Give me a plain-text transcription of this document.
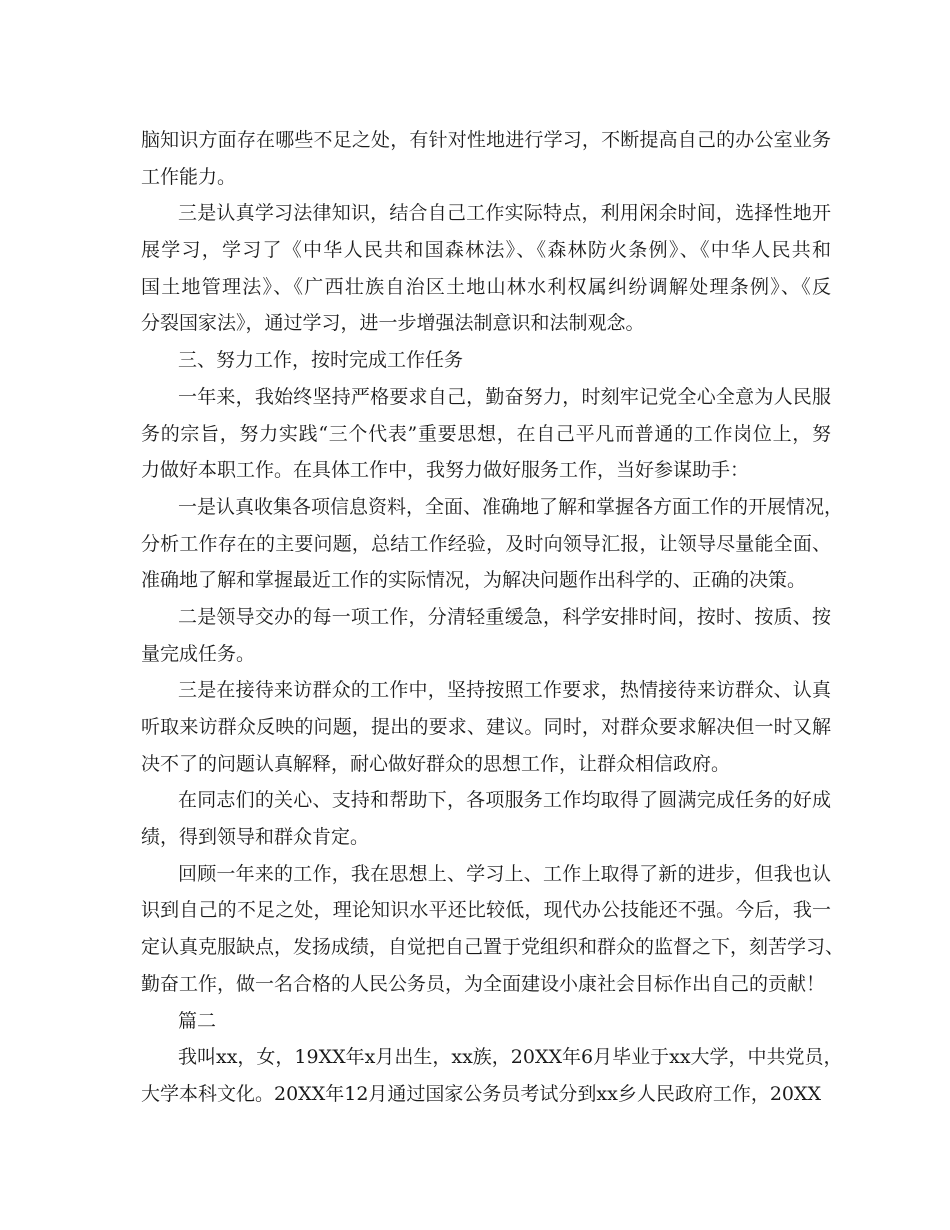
脑知识方面存在哪些不足之处，有针对性地进行学习，不断提高自己的办公室业务
工作能力。
三是认真学习法律知识，结合自己工作实际特点，利用闲余时间，选择性地开
展学习，学习了《中华人民共和国森林法》、《森林防火条例》、《中华人民共和
国土地管理法》、《广西壮族自治区土地山林水利权属纠纷调解处理条例》、《反
分裂国家法》，通过学习，进一步增强法制意识和法制观念。
三、努力工作，按时完成工作任务
一年来，我始终坚持严格要求自己，勤奋努力，时刻牢记党全心全意为人民服
务的宗旨，努力实践“三个代表”重要思想，在自己平凡而普通的工作岗位上，努
力做好本职工作。在具体工作中，我努力做好服务工作，当好参谋助手：
一是认真收集各项信息资料，全面、准确地了解和掌握各方面工作的开展情况，
分析工作存在的主要问题，总结工作经验，及时向领导汇报，让领导尽量能全面、
准确地了解和掌握最近工作的实际情况，为解决问题作出科学的、正确的决策。
二是领导交办的每一项工作，分清轻重缓急，科学安排时间，按时、按质、按
量完成任务。
三是在接待来访群众的工作中，坚持按照工作要求，热情接待来访群众、认真
听取来访群众反映的问题，提出的要求、建议。同时，对群众要求解决但一时又解
决不了的问题认真解释，耐心做好群众的思想工作，让群众相信政府。
在同志们的关心、支持和帮助下，各项服务工作均取得了圆满完成任务的好成
绩，得到领导和群众肯定。
回顾一年来的工作，我在思想上、学习上、工作上取得了新的进步，但我也认
识到自己的不足之处，理论知识水平还比较低，现代办公技能还不强。今后，我一
定认真克服缺点，发扬成绩，自觉把自己置于党组织和群众的监督之下，刻苦学习、
勤奋工作，做一名合格的人民公务员，为全面建设小康社会目标作出自己的贡献！
篇二
我叫xx，女，19XX年x月出生，xx族，20XX年6月毕业于xx大学，中共党员，
大学本科文化。20XX年12月通过国家公务员考试分到xx乡人民政府工作，20XX
